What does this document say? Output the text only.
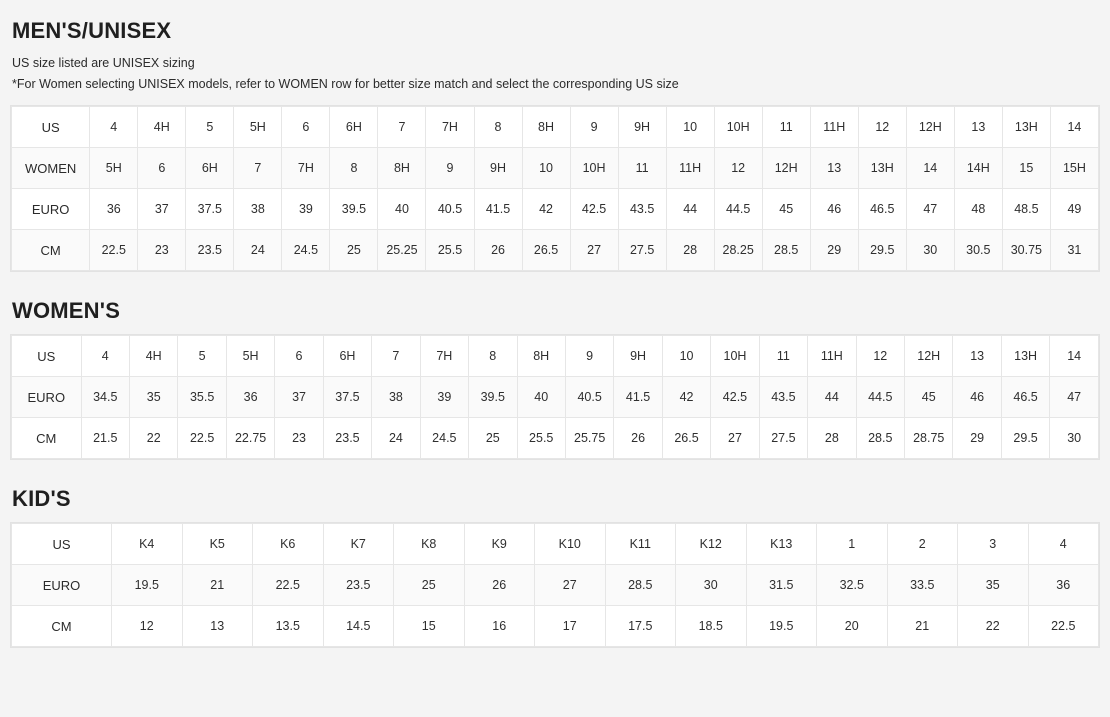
MEN'S/UNISEX

US size listed are UNISEX sizing

*For Women selecting UNISEX models, refer to WOMEN row for better size match and select the corresponding US size

US	4	4H	5	5H	6	6H	7	7H	8	8H	9	9H	10	10H	11	11H	12	12H	13	13H	14
WOMEN	5H	6	6H	7	7H	8	8H	9	9H	10	10H	11	11H	12	12H	13	13H	14	14H	15	15H
EURO	36	37	37.5	38	39	39.5	40	40.5	41.5	42	42.5	43.5	44	44.5	45	46	46.5	47	48	48.5	49
CM	22.5	23	23.5	24	24.5	25	25.25	25.5	26	26.5	27	27.5	28	28.25	28.5	29	29.5	30	30.5	30.75	31
WOMEN'S
US	4	4H	5	5H	6	6H	7	7H	8	8H	9	9H	10	10H	11	11H	12	12H	13	13H	14
EURO	34.5	35	35.5	36	37	37.5	38	39	39.5	40	40.5	41.5	42	42.5	43.5	44	44.5	45	46	46.5	47
CM	21.5	22	22.5	22.75	23	23.5	24	24.5	25	25.5	25.75	26	26.5	27	27.5	28	28.5	28.75	29	29.5	30
KID'S
US	K4	K5	K6	K7	K8	K9	K10	K11	K12	K13	1	2	3	4
EURO	19.5	21	22.5	23.5	25	26	27	28.5	30	31.5	32.5	33.5	35	36
CM	12	13	13.5	14.5	15	16	17	17.5	18.5	19.5	20	21	22	22.5
